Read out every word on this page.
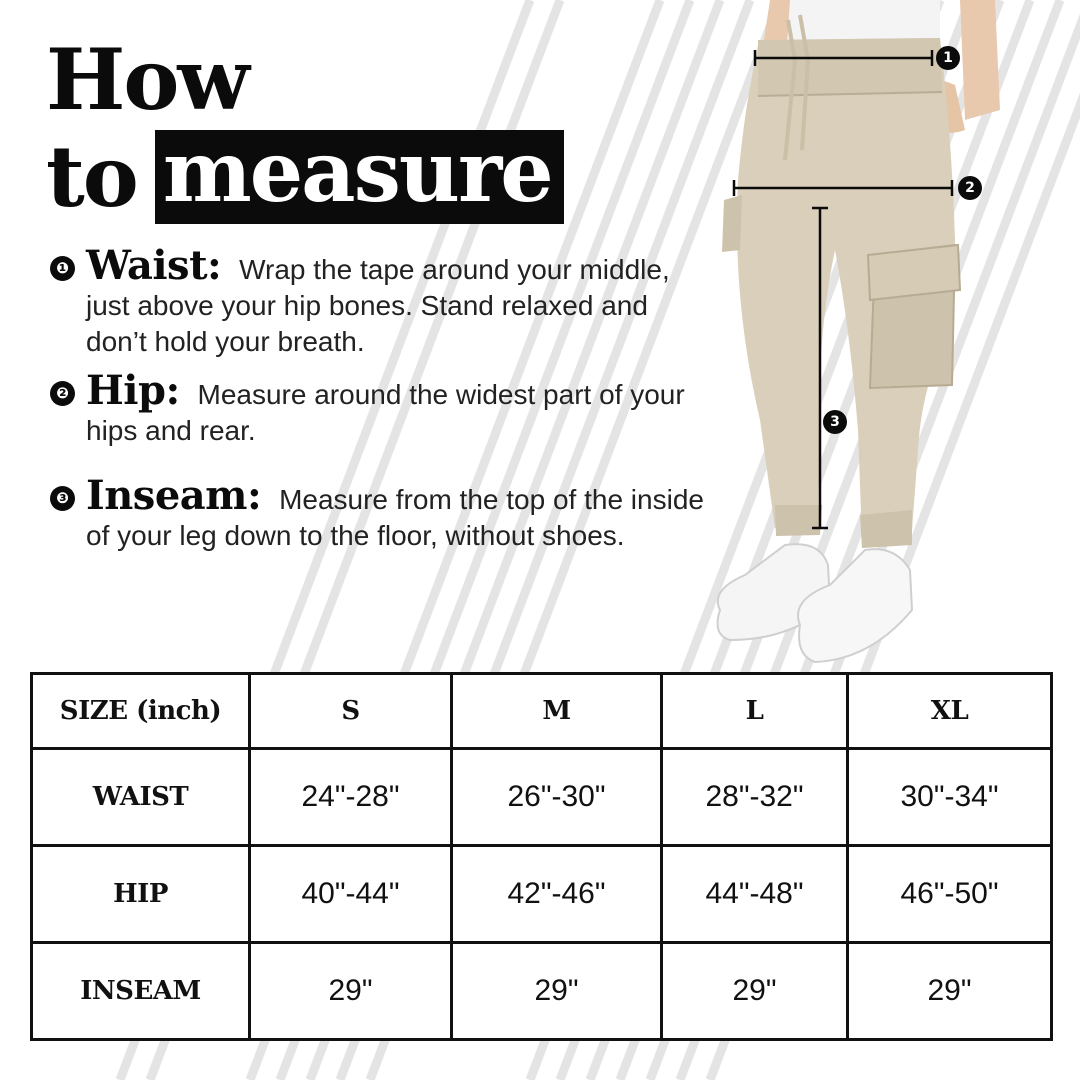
How
to measure
❶ Waist: Wrap the tape around your middle, just above your hip bones. Stand relaxed and don’t hold your breath.
❷ Hip: Measure around the widest part of your hips and rear.
❸ Inseam: Measure from the top of the inside of your leg down to the floor, without shoes.
1
2
3
SIZE (inch)	S	M	L	XL
WAIST	24"-28"	26"-30"	28"-32"	30"-34"
HIP	40"-44"	42"-46"	44"-48"	46"-50"
INSEAM	29"	29"	29"	29"
